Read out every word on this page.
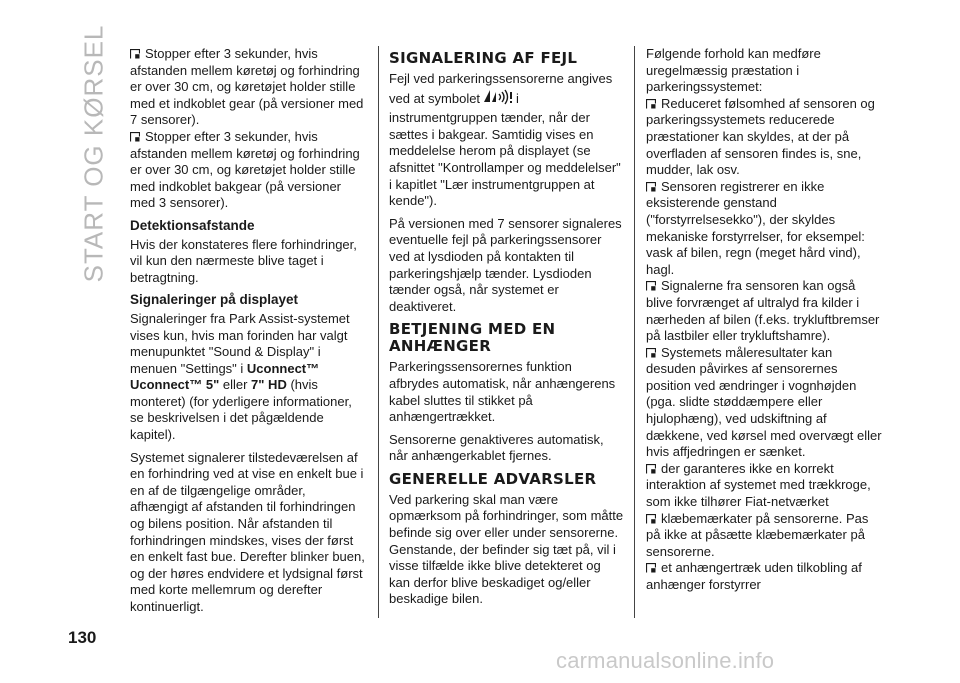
START OG KØRSEL	Stopper efter 3 sekunder, hvis afstanden mellem køretøj og forhindring er over 30 cm, og køretøjet holder stille med et indkoblet gear (på versioner med 7 sensorer).

Stopper efter 3 sekunder, hvis afstanden mellem køretøj og forhindring er over 30 cm, og køretøjet holder stille med indkoblet bakgear (på versioner med 3 sensorer).

Detektionsafstande

Hvis der konstateres flere forhindringer, vil kun den nærmeste blive taget i betragtning.

Signaleringer på displayet

Signaleringer fra Park Assist-systemet vises kun, hvis man forinden har valgt menupunktet "Sound & Display" i menuen "Settings" i Uconnect™ Uconnect™ 5" eller 7" HD (hvis monteret) (for yderligere informationer, se beskrivelsen i det pågældende kapitel).

Systemet signalerer tilstedeværelsen af en forhindring ved at vise en enkelt bue i en af de tilgængelige områder, afhængigt af afstanden til forhindringen og bilens position. Når afstanden til forhindringen mindskes, vises der først en enkelt fast bue. Derefter blinker buen, og der høres endvidere et lydsignal først med korte mellemrum og derefter kontinuerligt.

SIGNALERING AF FEJL

Fejl ved parkeringssensorerne angives ved at symbolet	i instrumentgruppen tænder, når der sættes i bakgear. Samtidig vises en meddelelse herom på displayet (se afsnittet "Kontrollamper og meddelelser" i kapitlet "Lær instrumentgruppen at kende").

På versionen med 7 sensorer signaleres eventuelle fejl på parkeringssensorer ved at lysdioden på kontakten til parkeringshjælp tænder. Lysdioden tænder også, når systemet er deaktiveret.

BETJENING MED EN ANHÆNGER

Parkeringssensorernes funktion afbrydes automatisk, når anhængerens kabel sluttes til stikket på anhængertrækket.

Sensorerne genaktiveres automatisk, når anhængerkablet fjernes.

GENERELLE ADVARSLER

Ved parkering skal man være opmærksom på forhindringer, som måtte befinde sig over eller under sensorerne. Genstande, der befinder sig tæt på, vil i visse tilfælde ikke blive detekteret og kan derfor blive beskadiget og/eller beskadige bilen.

Følgende forhold kan medføre uregelmæssig præstation i parkeringssystemet:

Reduceret følsomhed af sensoren og parkeringssystemets reducerede præstationer kan skyldes, at der på overfladen af sensoren findes is, sne, mudder, lak osv.

Sensoren registrerer en ikke eksisterende genstand ("forstyrrelsesekko"), der skyldes mekaniske forstyrrelser, for eksempel: vask af bilen, regn (meget hård vind), hagl.

Signalerne fra sensoren kan også blive forvrænget af ultralyd fra kilder i nærheden af bilen (f.eks. trykluftbremser på lastbiler eller trykluftshamre).

Systemets måleresultater kan desuden påvirkes af sensorernes position ved ændringer i vognhøjden (pga. slidte støddæmpere eller hjulophæng), ved udskiftning af dækkene, ved kørsel med overvægt eller hvis affjedringen er sænket.

der garanteres ikke en korrekt interaktion af systemet med trækkroge, som ikke tilhører Fiat-netværket

klæbemærkater på sensorerne. Pas på ikke at påsætte klæbemærkater på sensorerne.

et anhængertræk uden tilkobling af anhænger forstyrrer

130
carmanualsonline.info
